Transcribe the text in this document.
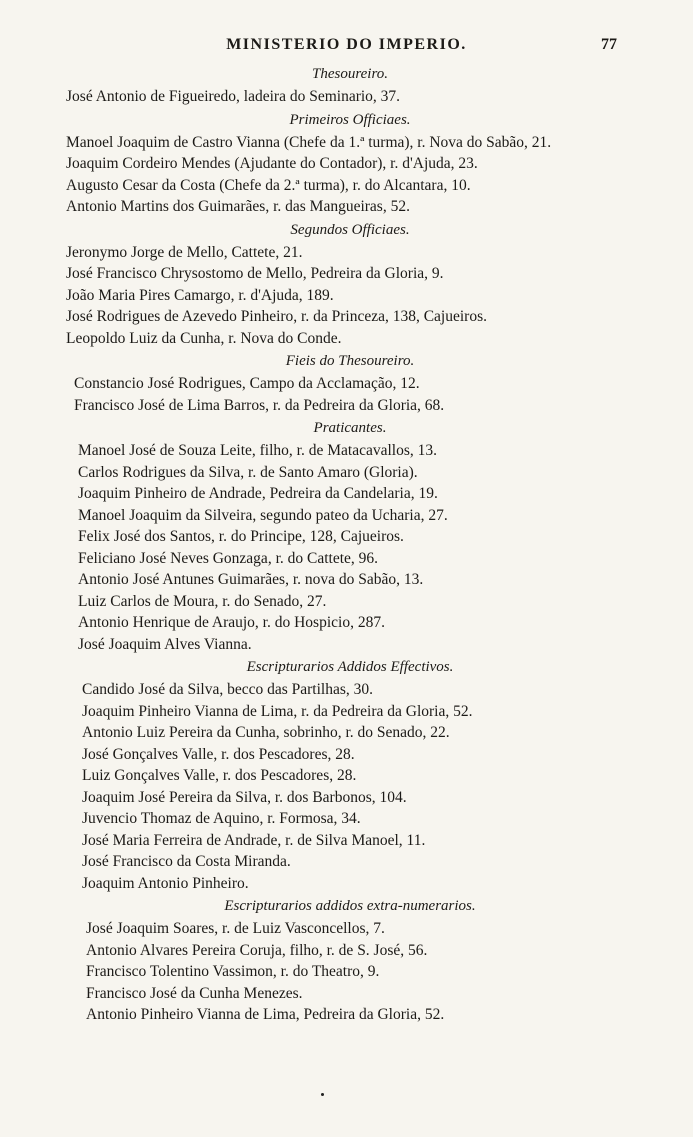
MINISTERIO DO IMPERIO.	77
Thesoureiro.
José Antonio de Figueiredo, ladeira do Seminario, 37.
Primeiros Officiaes.
Manoel Joaquim de Castro Vianna (Chefe da 1.ª turma), r. Nova do Sabão, 21.
Joaquim Cordeiro Mendes (Ajudante do Contador), r. d'Ajuda, 23.
Augusto Cesar da Costa (Chefe da 2.ª turma), r. do Alcantara, 10.
Antonio Martins dos Guimarães, r. das Mangueiras, 52.
Segundos Officiaes.
Jeronymo Jorge de Mello, Cattete, 21.
José Francisco Chrysostomo de Mello, Pedreira da Gloria, 9.
João Maria Pires Camargo, r. d'Ajuda, 189.
José Rodrigues de Azevedo Pinheiro, r. da Princeza, 138, Cajueiros.
Leopoldo Luiz da Cunha, r. Nova do Conde.
Fieis do Thesoureiro.
Constancio José Rodrigues, Campo da Acclamação, 12.
Francisco José de Lima Barros, r. da Pedreira da Gloria, 68.
Praticantes.
Manoel José de Souza Leite, filho, r. de Matacavallos, 13.
Carlos Rodrigues da Silva, r. de Santo Amaro (Gloria).
Joaquim Pinheiro de Andrade, Pedreira da Candelaria, 19.
Manoel Joaquim da Silveira, segundo pateo da Ucharia, 27.
Felix José dos Santos, r. do Principe, 128, Cajueiros.
Feliciano José Neves Gonzaga, r. do Cattete, 96.
Antonio José Antunes Guimarães, r. nova do Sabão, 13.
Luiz Carlos de Moura, r. do Senado, 27.
Antonio Henrique de Araujo, r. do Hospicio, 287.
José Joaquim Alves Vianna.
Escripturarios Addidos Effectivos.
Candido José da Silva, becco das Partilhas, 30.
Joaquim Pinheiro Vianna de Lima, r. da Pedreira da Gloria, 52.
Antonio Luiz Pereira da Cunha, sobrinho, r. do Senado, 22.
José Gonçalves Valle, r. dos Pescadores, 28.
Luiz Gonçalves Valle, r. dos Pescadores, 28.
Joaquim José Pereira da Silva, r. dos Barbonos, 104.
Juvencio Thomaz de Aquino, r. Formosa, 34.
José Maria Ferreira de Andrade, r. de Silva Manoel, 11.
José Francisco da Costa Miranda.
Joaquim Antonio Pinheiro.
Escripturarios addidos extra-numerarios.
José Joaquim Soares, r. de Luiz Vasconcellos, 7.
Antonio Alvares Pereira Coruja, filho, r. de S. José, 56.
Francisco Tolentino Vassimon, r. do Theatro, 9.
Francisco José da Cunha Menezes.
Antonio Pinheiro Vianna de Lima, Pedreira da Gloria, 52.
